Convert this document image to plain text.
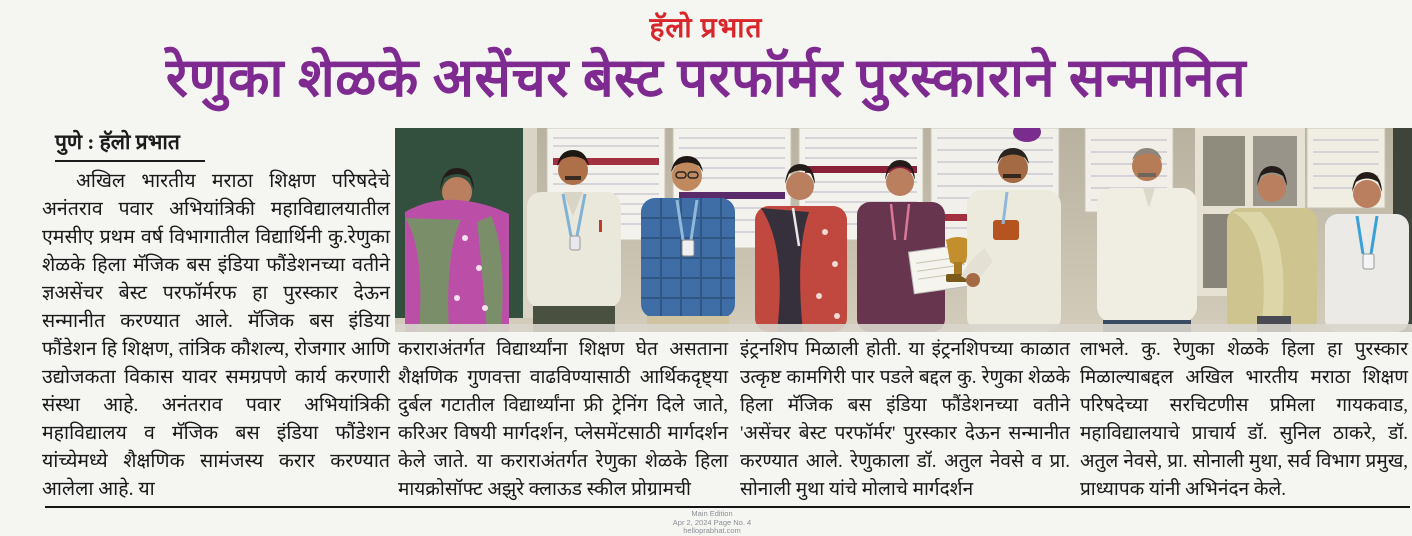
हॅलो प्रभात
रेणुका शेळके असेंचर बेस्ट परफॉर्मर पुरस्काराने सन्मानित
पुणे : हॅलो प्रभात
अखिल भारतीय मराठा शिक्षण परिषदेचे अनंतराव पवार अभियांत्रिकी महाविद्यालयातील एमसीए प्रथम वर्ष विभागातील विद्यार्थिनी कु.रेणुका शेळके हिला मॅजिक बस इंडिया फौंडेशनच्या वतीने ज्ञअसेंचर बेस्ट परफॉर्मरफ हा पुरस्कार देऊन सन्मानीत करण्यात आले. मॅजिक बस इंडिया फौंडेशन हि शिक्षण, तांत्रिक कौशल्य, रोजगार आणि उद्योजकता विकास यावर समग्रपणे कार्य करणारी संस्था आहे. अनंतराव पवार अभियांत्रिकी महाविद्यालय व मॅजिक बस इंडिया फौंडेशन यांच्येमध्ये शैक्षणिक सामंजस्य करार करण्यात आलेला आहे. या
कराराअंतर्गत विद्यार्थ्यांना शिक्षण घेत असताना शैक्षणिक गुणवत्ता वाढविण्यासाठी आर्थिकदृष्ट्या दुर्बल गटातील विद्यार्थ्यांना फ्री ट्रेनिंग दिले जाते, करिअर विषयी मार्गदर्शन, प्लेसमेंटसाठी मार्गदर्शन केले जाते. या कराराअंतर्गत रेणुका शेळके हिला मायक्रोसॉफ्ट अझुरे क्लाऊड स्कील प्रोग्रामची
इंट्रनशिप मिळाली होती. या इंट्रनशिपच्या काळात उत्कृष्ट कामगिरी पार पडले बद्दल कु. रेणुका शेळके हिला मॅजिक बस इंडिया फौंडेशनच्या वतीने 'असेंचर बेस्ट परफॉर्मर' पुरस्कार देऊन सन्मानीत करण्यात आले. रेणुकाला डॉ. अतुल नेवसे व प्रा. सोनाली मुथा यांचे मोलाचे मार्गदर्शन
लाभले. कु. रेणुका शेळके हिला हा पुरस्कार मिळाल्याबद्दल अखिल भारतीय मराठा शिक्षण परिषदेच्या सरचिटणीस प्रमिला गायकवाड, महाविद्यालयाचे प्राचार्य डॉ. सुनिल ठाकरे, डॉ. अतुल नेवसे, प्रा. सोनाली मुथा, सर्व विभाग प्रमुख, प्राध्यापक यांनी अभिनंदन केले.
Main Edition
Apr 2, 2024 Page No. 4
helloprabhat.com
